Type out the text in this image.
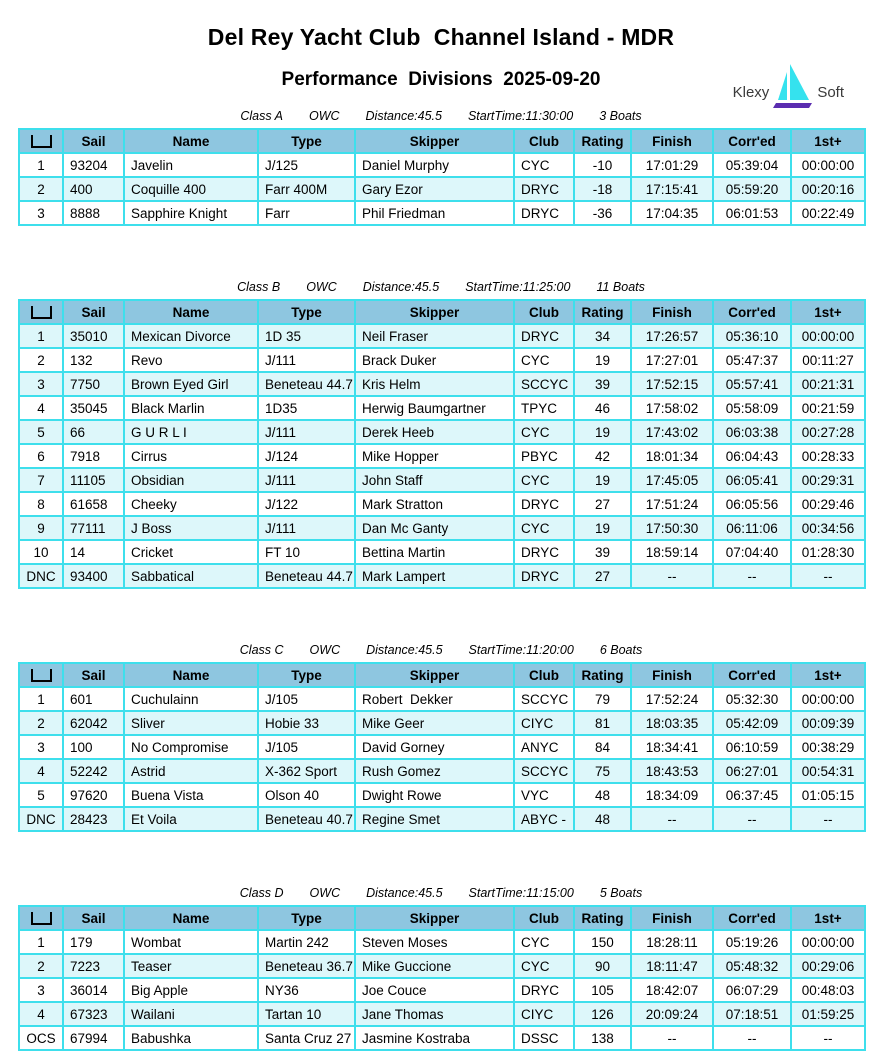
Del Rey Yacht Club  Channel Island - MDR
Klexy	Soft
Performance  Divisions  2025-09-20
Class A OWC Distance:45.5 StartTime:11:30:00 3 Boats
	Sail	Name	Type	Skipper	Club	Rating	Finish	Corr'ed	1st+
1	93204	Javelin	J/125	Daniel Murphy	CYC	-10	17:01:29	05:39:04	00:00:00
2	400	Coquille 400	Farr 400M	Gary Ezor	DRYC	-18	17:15:41	05:59:20	00:20:16
3	8888	Sapphire Knight	Farr	Phil Friedman	DRYC	-36	17:04:35	06:01:53	00:22:49
Class B OWC Distance:45.5 StartTime:11:25:00 11 Boats
	Sail	Name	Type	Skipper	Club	Rating	Finish	Corr'ed	1st+
1	35010	Mexican Divorce	1D 35	Neil Fraser	DRYC	34	17:26:57	05:36:10	00:00:00
2	132	Revo	J/111	Brack Duker	CYC	19	17:27:01	05:47:37	00:11:27
3	7750	Brown Eyed Girl	Beneteau 44.7	Kris Helm	SCCYC	39	17:52:15	05:57:41	00:21:31
4	35045	Black Marlin	1D35	Herwig Baumgartner	TPYC	46	17:58:02	05:58:09	00:21:59
5	66	G U R L I	J/111	Derek Heeb	CYC	19	17:43:02	06:03:38	00:27:28
6	7918	Cirrus	J/124	Mike Hopper	PBYC	42	18:01:34	06:04:43	00:28:33
7	11105	Obsidian	J/111	John Staff	CYC	19	17:45:05	06:05:41	00:29:31
8	61658	Cheeky	J/122	Mark Stratton	DRYC	27	17:51:24	06:05:56	00:29:46
9	77111	J Boss	J/111	Dan Mc Ganty	CYC	19	17:50:30	06:11:06	00:34:56
10	14	Cricket	FT 10	Bettina Martin	DRYC	39	18:59:14	07:04:40	01:28:30
DNC	93400	Sabbatical	Beneteau 44.7	Mark Lampert	DRYC	27	--	--	--
Class C OWC Distance:45.5 StartTime:11:20:00 6 Boats
	Sail	Name	Type	Skipper	Club	Rating	Finish	Corr'ed	1st+
1	601	Cuchulainn	J/105	Robert  Dekker	SCCYC	79	17:52:24	05:32:30	00:00:00
2	62042	Sliver	Hobie 33	Mike Geer	CIYC	81	18:03:35	05:42:09	00:09:39
3	100	No Compromise	J/105	David Gorney	ANYC	84	18:34:41	06:10:59	00:38:29
4	52242	Astrid	X-362 Sport	Rush Gomez	SCCYC	75	18:43:53	06:27:01	00:54:31
5	97620	Buena Vista	Olson 40	Dwight Rowe	VYC	48	18:34:09	06:37:45	01:05:15
DNC	28423	Et Voila	Beneteau 40.7	Regine Smet	ABYC -	48	--	--	--
Class D OWC Distance:45.5 StartTime:11:15:00 5 Boats
	Sail	Name	Type	Skipper	Club	Rating	Finish	Corr'ed	1st+
1	179	Wombat	Martin 242	Steven Moses	CYC	150	18:28:11	05:19:26	00:00:00
2	7223	Teaser	Beneteau 36.7	Mike Guccione	CYC	90	18:11:47	05:48:32	00:29:06
3	36014	Big Apple	NY36	Joe Couce	DRYC	105	18:42:07	06:07:29	00:48:03
4	67323	Wailani	Tartan 10	Jane Thomas	CIYC	126	20:09:24	07:18:51	01:59:25
OCS	67994	Babushka	Santa Cruz 27	Jasmine Kostraba	DSSC	138	--	--	--
